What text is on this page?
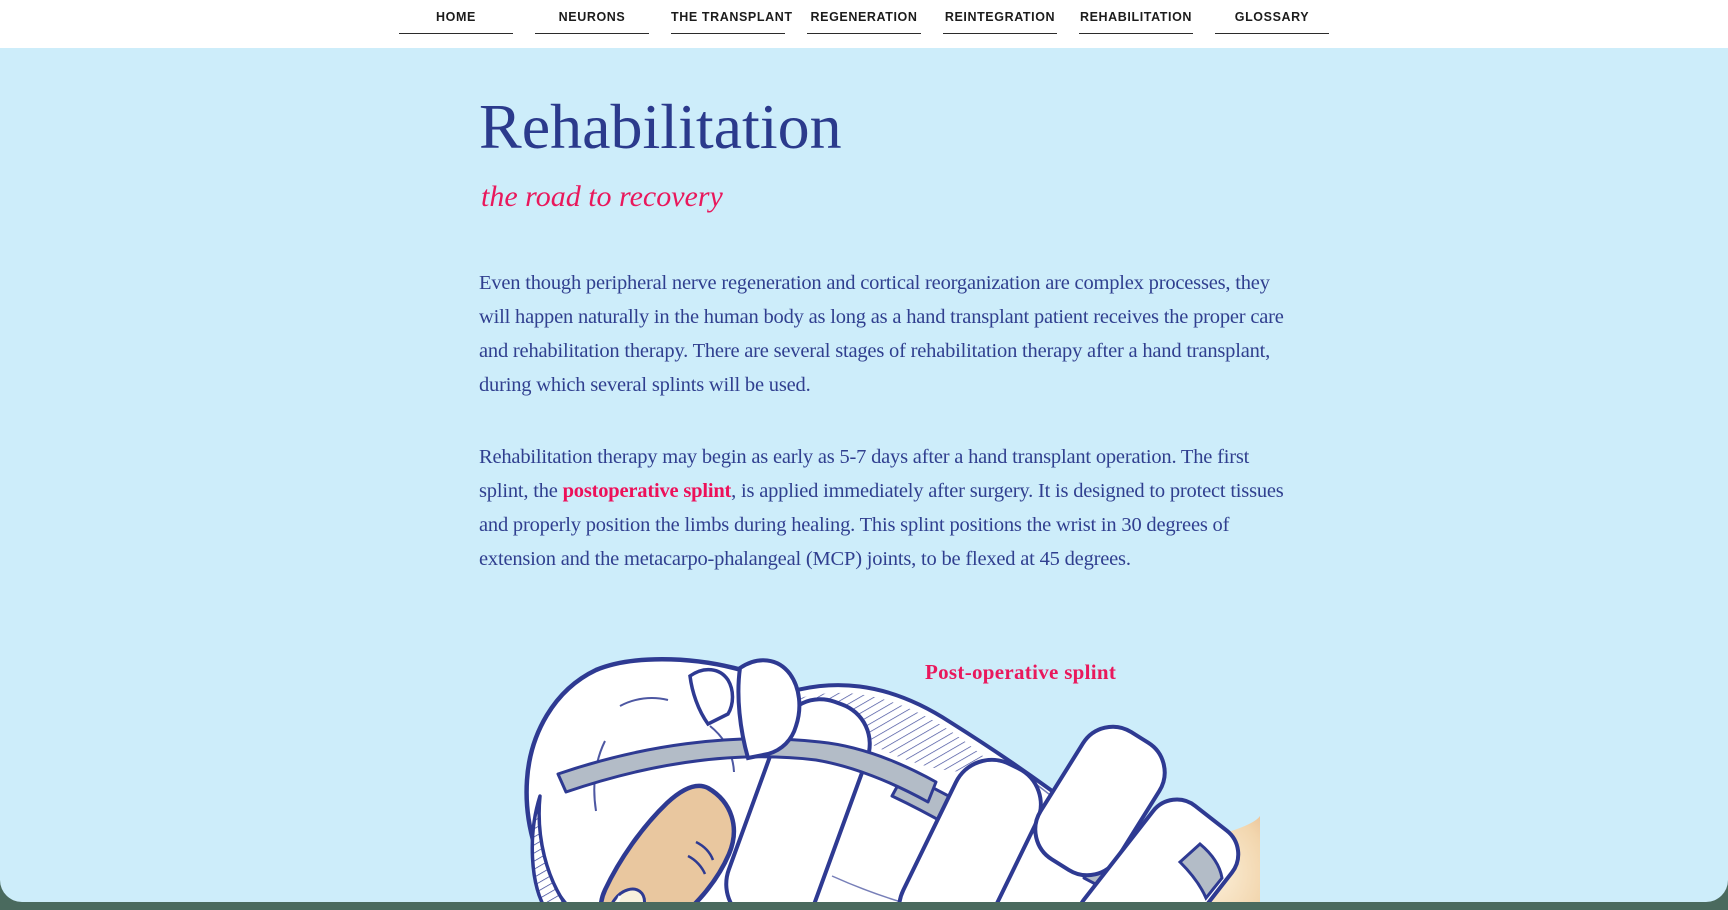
HOME	NEURONS	THE TRANSPLANT REGENERATION REINTEGRATION REHABILITATION	GLOSSARY
Rehabilitation
the road to recovery

Even though peripheral nerve regeneration and cortical reorganization are complex processes, they will happen naturally in the human body as long as a hand transplant patient receives the proper care and rehabilitation therapy. There are several stages of rehabilitation therapy after a hand transplant, during which several splints will be used.

Rehabilitation therapy may begin as early as 5-7 days after a hand transplant operation. The first splint, the postoperative splint, is applied immediately after surgery. It is designed to protect tissues and properly position the limbs during healing. This splint positions the wrist in 30 degrees of extension and the metacarpo-phalangeal (MCP) joints, to be flexed at 45 degrees.

Post-operative splint
